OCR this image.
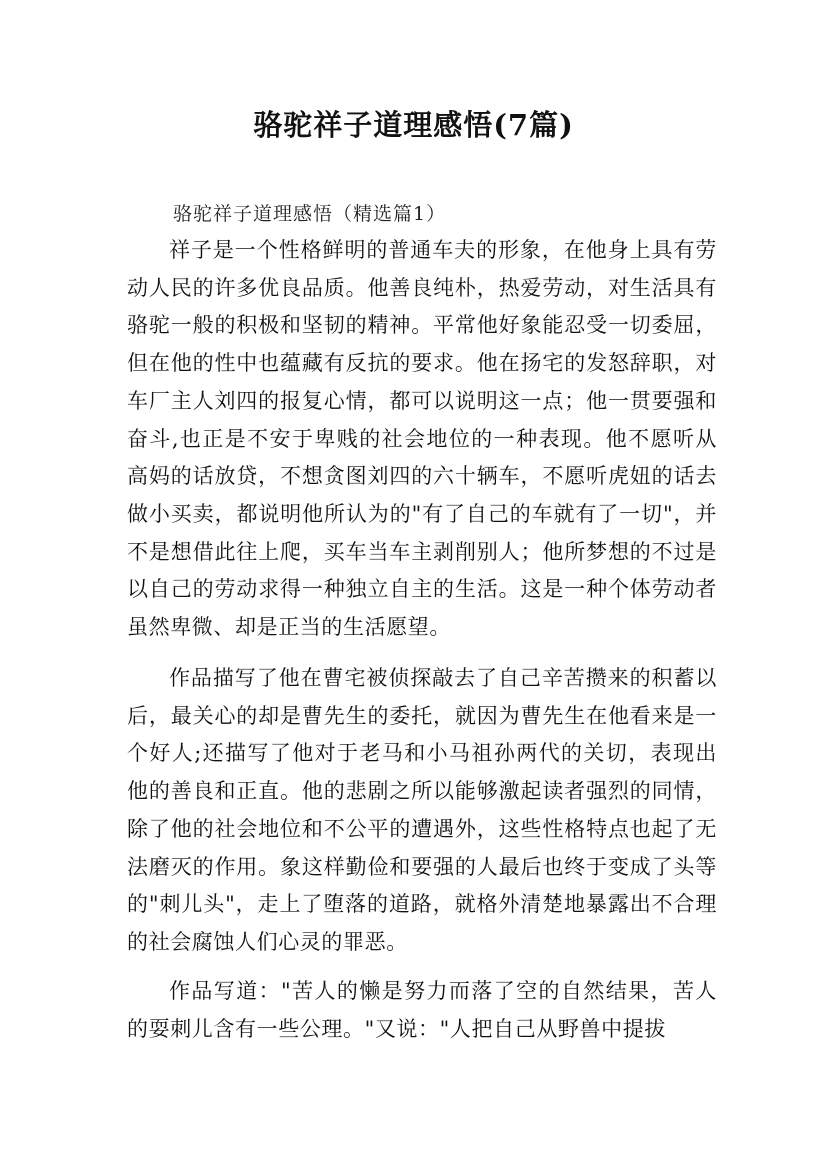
骆驼祥子道理感悟(7篇)

骆驼祥子道理感悟（精选篇1）

祥子是一个性格鲜明的普通车夫的形象，在他身上具有劳动人民的许多优良品质。他善良纯朴，热爱劳动，对生活具有骆驼一般的积极和坚韧的精神。平常他好象能忍受一切委屈，但在他的性中也蕴藏有反抗的要求。他在扬宅的发怒辞职，对车厂主人刘四的报复心情，都可以说明这一点；他一贯要强和奋斗,也正是不安于卑贱的社会地位的一种表现。他不愿听从高妈的话放贷，不想贪图刘四的六十辆车，不愿听虎妞的话去做小买卖，都说明他所认为的"有了自己的车就有了一切"，并不是想借此往上爬，买车当车主剥削别人；他所梦想的不过是以自己的劳动求得一种独立自主的生活。这是一种个体劳动者虽然卑微、却是正当的生活愿望。

作品描写了他在曹宅被侦探敲去了自己辛苦攒来的积蓄以后，最关心的却是曹先生的委托，就因为曹先生在他看来是一个好人;还描写了他对于老马和小马祖孙两代的关切，表现出他的善良和正直。他的悲剧之所以能够激起读者强烈的同情，除了他的社会地位和不公平的遭遇外，这些性格特点也起了无法磨灭的作用。象这样勤俭和要强的人最后也终于变成了头等的"刺儿头"，走上了堕落的道路，就格外清楚地暴露出不合理的社会腐蚀人们心灵的罪恶。

作品写道："苦人的懒是努力而落了空的自然结果，苦人的耍刺儿含有一些公理。"又说："人把自己从野兽中提拔
